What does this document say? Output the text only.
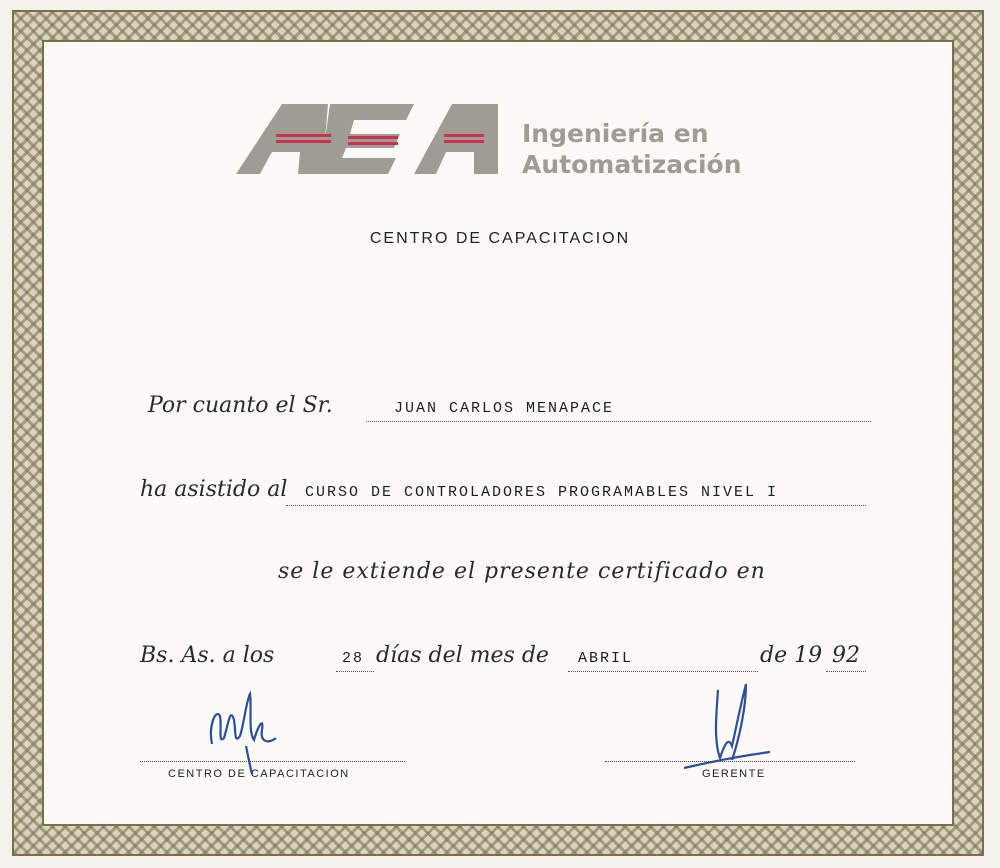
Ingeniería en
Automatización
CENTRO DE CAPACITACION
Por cuanto el Sr.	JUAN CARLOS MENAPACE
ha asistido al CURSO DE CONTROLADORES PROGRAMABLES NIVEL I
se le extiende el presente certificado en
Bs. As. a los	28 días del mes de ABRIL	de 19 92
CENTRO DE CAPACITACION	GERENTE
